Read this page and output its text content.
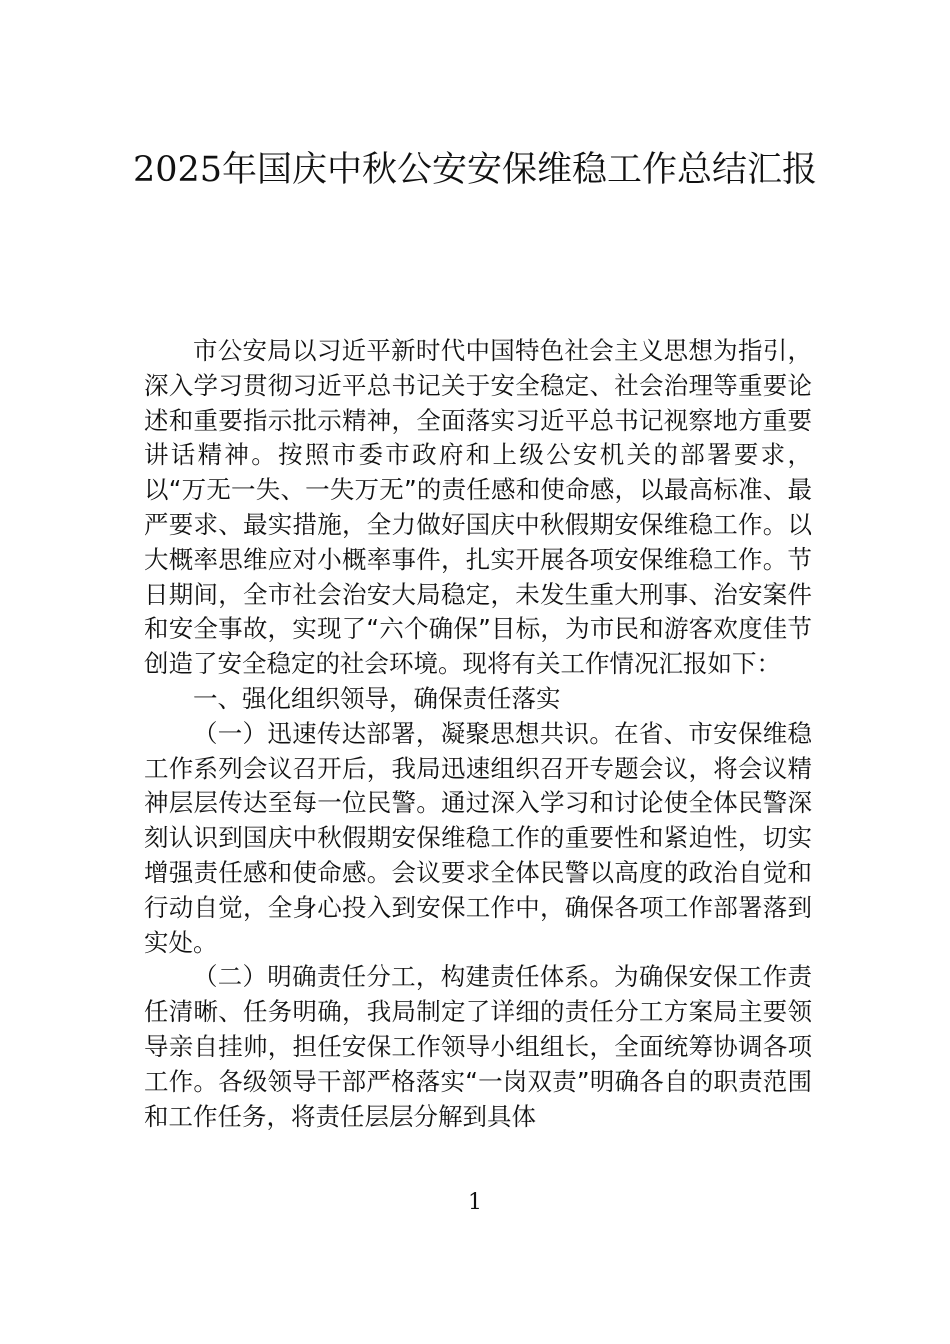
2025年国庆中秋公安安保维稳工作总结汇报

市公安局以习近平新时代中国特色社会主义思想为指引，深入学习贯彻习近平总书记关于安全稳定、社会治理等重要论述和重要指示批示精神，全面落实习近平总书记视察地方重要讲话精神。按照市委市政府和上级公安机关的部署要求，以“万无一失、一失万无”的责任感和使命感，以最高标准、最严要求、最实措施，全力做好国庆中秋假期安保维稳工作。以大概率思维应对小概率事件，扎实开展各项安保维稳工作。节日期间，全市社会治安大局稳定，未发生重大刑事、治安案件和安全事故，实现了“六个确保”目标，为市民和游客欢度佳节创造了安全稳定的社会环境。现将有关工作情况汇报如下：

一、强化组织领导，确保责任落实

（一）迅速传达部署，凝聚思想共识。在省、市安保维稳工作系列会议召开后，我局迅速组织召开专题会议，将会议精神层层传达至每一位民警。通过深入学习和讨论使全体民警深刻认识到国庆中秋假期安保维稳工作的重要性和紧迫性，切实增强责任感和使命感。会议要求全体民警以高度的政治自觉和行动自觉，全身心投入到安保工作中，确保各项工作部署落到实处。

（二）明确责任分工，构建责任体系。为确保安保工作责任清晰、任务明确，我局制定了详细的责任分工方案局主要领导亲自挂帅，担任安保工作领导小组组长，全面统筹协调各项工作。各级领导干部严格落实“一岗双责”明确各自的职责范围和工作任务，将责任层层分解到具体

1
